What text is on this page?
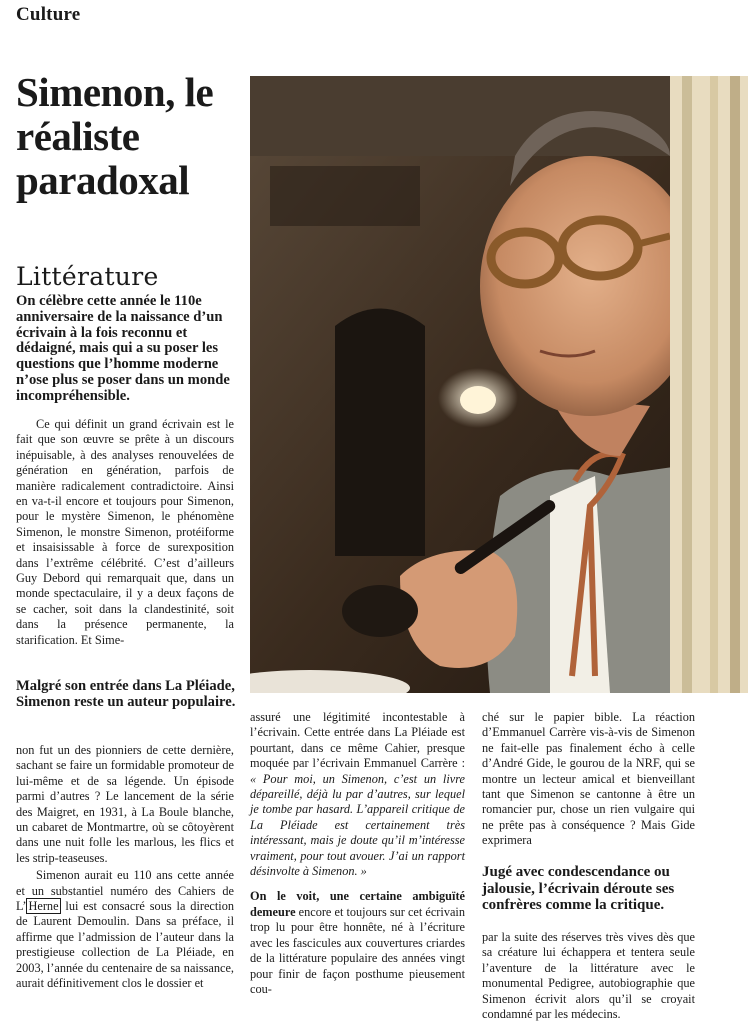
Culture
Simenon, le réaliste paradoxal
Littérature
On célèbre cette année le 110e anniversaire de la naissance d’un écrivain à la fois reconnu et dédaigné, mais qui a su poser les questions que l’homme moderne n’ose plus se poser dans un monde incompréhensible.

Ce qui définit un grand écrivain est le fait que son œuvre se prête à un discours inépuisable, à des analyses renouvelées de génération en génération, parfois de manière radicalement contradictoire. Ainsi en va-t-il encore et toujours pour Simenon, pour le mystère Simenon, le phénomène Simenon, le monstre Simenon, protéiforme et insaisissable à force de surexposition dans l’extrême célébrité. C’est d’ailleurs Guy Debord qui remarquait que, dans un monde spectaculaire, il y a deux façons de se cacher, soit dans la clandestinité, soit dans la présence permanente, la starification. Et Sime-

Malgré son entrée dans La Pléiade, Simenon reste un auteur populaire.

non fut un des pionniers de cette dernière, sachant se faire un formidable promoteur de lui-même et de sa légende. Un épisode parmi d’autres ? Le lancement de la série des Maigret, en 1931, à La Boule blanche, un cabaret de Montmartre, où se côtoyèrent dans une nuit folle les marlous, les flics et les strip-teaseuses.

Simenon aurait eu 110 ans cette année et un substantiel numéro des Cahiers de L’ Herne lui est consacré sous la direction de Laurent Demoulin. Dans sa préface, il affirme que l’admission de l’auteur dans la prestigieuse collection de La Pléiade, en 2003, l’année du centenaire de sa naissance, aurait définitivement clos le dossier et

assuré une légitimité incontestable à l’écrivain. Cette entrée dans La Pléiade est pourtant, dans ce même Cahier, presque moquée par l’écrivain Emmanuel Carrère : « Pour moi, un Simenon, c’est un livre dépareillé, déjà lu par d’autres, sur lequel je tombe par hasard. L’appareil critique de La Pléiade est certainement très intéressant, mais je doute qu’il m’intéresse vraiment, pour tout avouer. J’ai un rapport désinvolte à Simenon. »

On le voit, une certaine ambiguïté demeure encore et toujours sur cet écrivain trop lu pour être honnête, né à l’écriture avec les fascicules aux couvertures criardes de la littérature populaire des années vingt pour finir de façon posthume pieusement cou-

ché sur le papier bible. La réaction d’Emmanuel Carrère vis-à-vis de Simenon ne fait-elle pas finalement écho à celle d’André Gide, le gourou de la NRF, qui se montre un lecteur amical et bienveillant tant que Simenon se cantonne à être un romancier pur, chose un rien vulgaire qui ne prête pas à conséquence ? Mais Gide exprimera

Jugé avec condescendance ou jalousie, l’écrivain déroute ses confrères comme la critique.

par la suite des réserves très vives dès que sa créature lui échappera et tentera seule l’aventure de la littérature avec le monumental Pedigree, autobiographie que Simenon écrivit alors qu’il se croyait condamné par les médecins.
